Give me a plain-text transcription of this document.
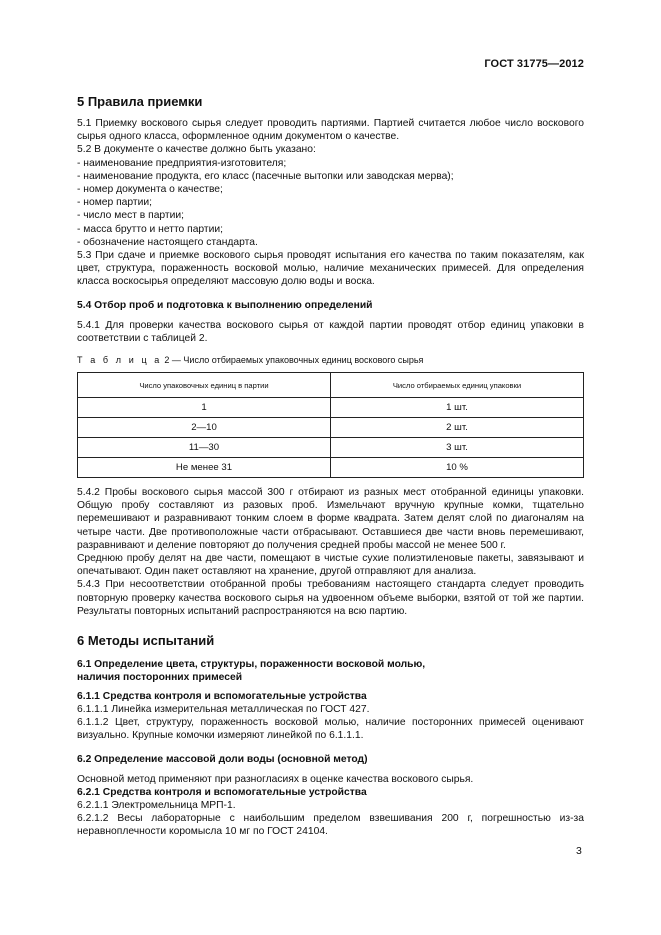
ГОСТ 31775—2012
5 Правила приемки

5.1 Приемку воскового сырья следует проводить партиями. Партией считается любое число воскового сырья одного класса, оформленное одним документом о качестве.

5.2 В документе о качестве должно быть указано:

- наименование предприятия-изготовителя;

- наименование продукта, его класс (пасечные вытопки или заводская мерва);

- номер документа о качестве;

- номер партии;

- число мест в партии;

- масса брутто и нетто партии;

- обозначение настоящего стандарта.

5.3 При сдаче и приемке воскового сырья проводят испытания его качества по таким показателям, как цвет, структура, пораженность восковой молью, наличие механических примесей. Для определения класса воскосырья определяют массовую долю воды и воска.

5.4 Отбор проб и подготовка к выполнению определений

5.4.1 Для проверки качества воскового сырья от каждой партии проводят отбор единиц упаковки в соответствии с таблицей 2.

Т а б л и ц а 2 — Число отбираемых упаковочных единиц воскового сырья
Число упаковочных единиц в партии	Число отбираемых единиц упаковки
1	1 шт.
2—10	2 шт.
11—30	3 шт.
Не менее 31	10 %

5.4.2 Пробы воскового сырья массой 300 г отбирают из разных мест отобранной единицы упаковки. Общую пробу составляют из разовых проб. Измельчают вручную крупные комки, тщательно перемешивают и разравнивают тонким слоем в форме квадрата. Затем делят слой по диагоналям на четыре части. Две противоположные части отбрасывают. Оставшиеся две части вновь перемешивают, разравнивают и деление повторяют до получения средней пробы массой не менее 500 г.

Среднюю пробу делят на две части, помещают в чистые сухие полиэтиленовые пакеты, завязывают и опечатывают. Один пакет оставляют на хранение, другой отправляют для анализа.

5.4.3 При несоответствии отобранной пробы требованиям настоящего стандарта следует проводить повторную проверку качества воскового сырья на удвоенном объеме выборки, взятой от той же партии. Результаты повторных испытаний распространяются на всю партию.

6 Методы испытаний
6.1 Определение цвета, структуры, пораженности восковой молью,
наличия посторонних примесей
6.1.1 Средства контроля и вспомогательные устройства

6.1.1.1 Линейка измерительная металлическая по ГОСТ 427.

6.1.1.2 Цвет, структуру, пораженность восковой молью, наличие посторонних примесей оценивают визуально. Крупные комочки измеряют линейкой по 6.1.1.1.

6.2 Определение массовой доли воды (основной метод)

Основной метод применяют при разногласиях в оценке качества воскового сырья.

6.2.1 Средства контроля и вспомогательные устройства

6.2.1.1 Электромельница МРП-1.

6.2.1.2 Весы лабораторные с наибольшим пределом взвешивания 200 г, погрешностью из-за неравноплечности коромысла 10 мг по ГОСТ 24104.

3
